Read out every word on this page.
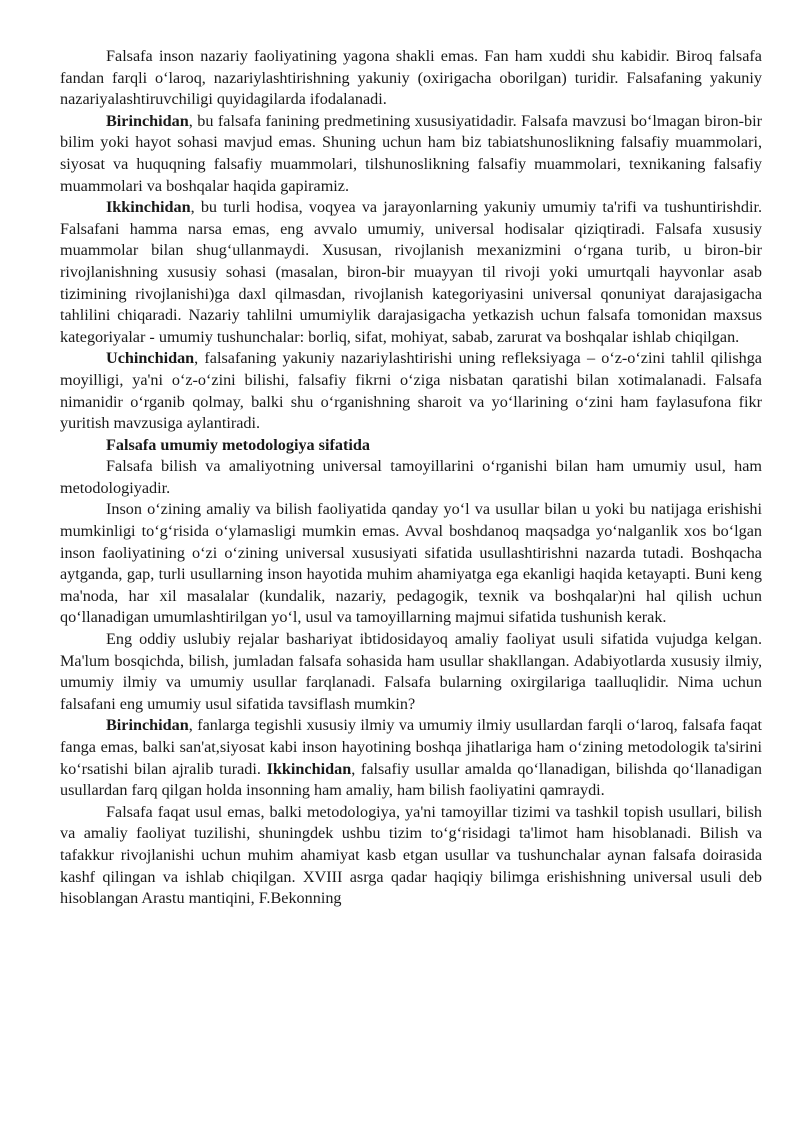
Falsafa inson nazariy faoliyatining yagona shakli emas. Fan ham xuddi shu kabidir. Biroq falsafa fandan farqli oʻlaroq, nazariylashtirishning yakuniy (oxirigacha oborilgan) turidir. Falsafaning yakuniy nazariyalashtiruvchiligi quyidagilarda ifodalanadi.

Birinchidan, bu falsafa fanining predmetining xususiyatidadir. Falsafa mavzusi boʻlmagan biron-bir bilim yoki hayot sohasi mavjud emas. Shuning uchun ham biz tabiatshunoslikning falsafiy muammolari, siyosat va huquqning falsafiy muammolari, tilshunoslikning falsafiy muammolari, texnikaning falsafiy muammolari va boshqalar haqida gapiramiz.

Ikkinchidan, bu turli hodisa, voqyea va jarayonlarning yakuniy umumiy ta'rifi va tushuntirishdir. Falsafani hamma narsa emas, eng avvalo umumiy, universal hodisalar qiziqtiradi. Falsafa xususiy muammolar bilan shugʻullanmaydi. Xususan, rivojlanish mexanizmini oʻrgana turib, u biron-bir rivojlanishning xususiy sohasi (masalan, biron-bir muayyan til rivoji yoki umurtqali hayvonlar asab tizimining rivojlanishi)ga daxl qilmasdan, rivojlanish kategoriyasini universal qonuniyat darajasigacha tahlilini chiqaradi. Nazariy tahlilni umumiylik darajasigacha yetkazish uchun falsafa tomonidan maxsus kategoriyalar - umumiy tushunchalar: borliq, sifat, mohiyat, sabab, zarurat va boshqalar ishlab chiqilgan.

Uchinchidan, falsafaning yakuniy nazariylashtirishi uning refleksiyaga – oʻz-oʻzini tahlil qilishga moyilligi, ya'ni oʻz-oʻzini bilishi, falsafiy fikrni oʻziga nisbatan qaratishi bilan xotimalanadi. Falsafa nimanidir oʻrganib qolmay, balki shu oʻrganishning sharoit va yoʻllarining oʻzini ham faylasufona fikr yuritish mavzusiga aylantiradi.

Falsafa umumiy metodologiya sifatida

Falsafa bilish va amaliyotning universal tamoyillarini oʻrganishi bilan ham umumiy usul, ham metodologiyadir.

Inson oʻzining amaliy va bilish faoliyatida qanday yoʻl va usullar bilan u yoki bu natijaga erishishi mumkinligi toʻgʻrisida oʻylamasligi mumkin emas. Avval boshdanoq maqsadga yoʻnalganlik xos boʻlgan inson faoliyatining oʻzi oʻzining universal xususiyati sifatida usullashtirishni nazarda tutadi. Boshqacha aytganda, gap, turli usullarning inson hayotida muhim ahamiyatga ega ekanligi haqida ketayapti. Buni keng ma'noda, har xil masalalar (kundalik, nazariy, pedagogik, texnik va boshqalar)ni hal qilish uchun qoʻllanadigan umumlashtirilgan yoʻl, usul va tamoyillarning majmui sifatida tushunish kerak.

Eng oddiy uslubiy rejalar bashariyat ibtidosidayoq amaliy faoliyat usuli sifatida vujudga kelgan. Ma'lum bosqichda, bilish, jumladan falsafa sohasida ham usullar shakllangan. Adabiyotlarda xususiy ilmiy, umumiy ilmiy va umumiy usullar farqlanadi. Falsafa bularning oxirgilariga taalluqlidir. Nima uchun falsafani eng umumiy usul sifatida tavsiflash mumkin?

Birinchidan, fanlarga tegishli xususiy ilmiy va umumiy ilmiy usullardan farqli oʻlaroq, falsafa faqat fanga emas, balki san'at,siyosat kabi inson hayotining boshqa jihatlariga ham oʻzining metodologik ta'sirini koʻrsatishi bilan ajralib turadi. Ikkinchidan, falsafiy usullar amalda qoʻllanadigan, bilishda qoʻllanadigan usullardan farq qilgan holda insonning ham amaliy, ham bilish faoliyatini qamraydi.

Falsafa faqat usul emas, balki metodologiya, ya'ni tamoyillar tizimi va tashkil topish usullari, bilish va amaliy faoliyat tuzilishi, shuningdek ushbu tizim toʻgʻrisidagi ta'limot ham hisoblanadi. Bilish va tafakkur rivojlanishi uchun muhim ahamiyat kasb etgan usullar va tushunchalar aynan falsafa doirasida kashf qilingan va ishlab chiqilgan. XVIII asrga qadar haqiqiy bilimga erishishning universal usuli deb hisoblangan Arastu mantiqini, F.Bekonning
